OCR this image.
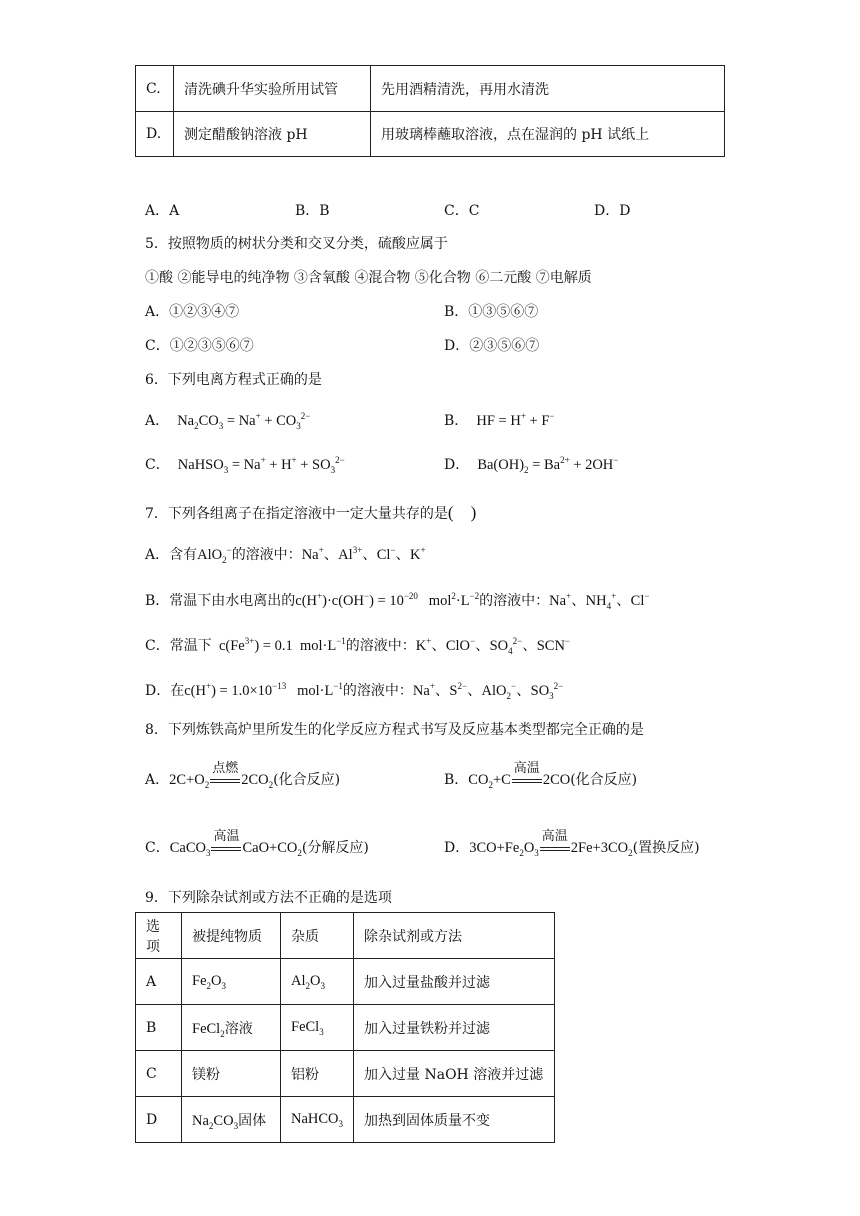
C.	清洗碘升华实验所用试管	先用酒精清洗，再用水清洗
D.	测定醋酸钠溶液 pH	用玻璃棒蘸取溶液，点在湿润的 pH 试纸上
A．A	B．B	C．C	D．D
5．按照物质的树状分类和交叉分类，硫酸应属于
①酸 ②能导电的纯净物 ③含氧酸 ④混合物 ⑤化合物 ⑥二元酸 ⑦电解质
A．①②③④⑦	B．①③⑤⑥⑦
C．①②③⑤⑥⑦	D．②③⑤⑥⑦
6．下列电离方程式正确的是
A．  $Na_2CO_3 = Na^+ + CO_3^{2-}$	B．  HF = H+ + F−
C．  NaHSO$_3$ = $Na^+ + H^+ + SO_3^{2-}$	D．  $Ba(OH)_2 = Ba^{2+} + 2OH^-$
7．下列各组离子在指定溶液中一定大量共存的是(　)
A．含有AlO$_2$−的溶液中：Na+、$Al^{3+}$、Cl−、K+
B．常温下由水电离出的$c(H^+)\cdot c(OH^-) = 10^{-20}$   $mol^2\cdot L^{-2}$的溶液中：Na+、$NH_4^+$、Cl−
C．常温下  $c(Fe^{3+}) = 0.1$  $mol\cdot L^{-1}$的溶液中：K+、ClO−、$SO_4^{2-}$、SCN−
D．在$c(H^+) = 1.0\times 10^{-13}$   $mol\cdot L^{-1}$的溶液中：Na+、$S^{2-}$、AlO$_2$−、$SO_3^{2-}$
8．下列炼铁高炉里所发生的化学反应方程式书写及反应基本类型都完全正确的是
A．$2C+O_2$
点燃
$2CO_2$(化合反应)	B．$CO_2+C$
高温
2CO(化合反应)
C．CaCO$_3$
高温
$CaO+CO_2$(分解反应)	D．$3CO+Fe_2O_3$
高温
$2Fe+3CO_2$(置换反应)
9．下列除杂试剂或方法不正确的是选项
选项	被提纯物质	杂质	除杂试剂或方法
A	$Fe_2O_3$	$Al_2O_3$	加入过量盐酸并过滤
B	FeCl$_2$溶液	FeCl$_3$	加入过量铁粉并过滤
C	镁粉	铝粉	加入过量 NaOH 溶液并过滤
D	$Na_2CO_3$固体	NaHCO$_3$	加热到固体质量不变
